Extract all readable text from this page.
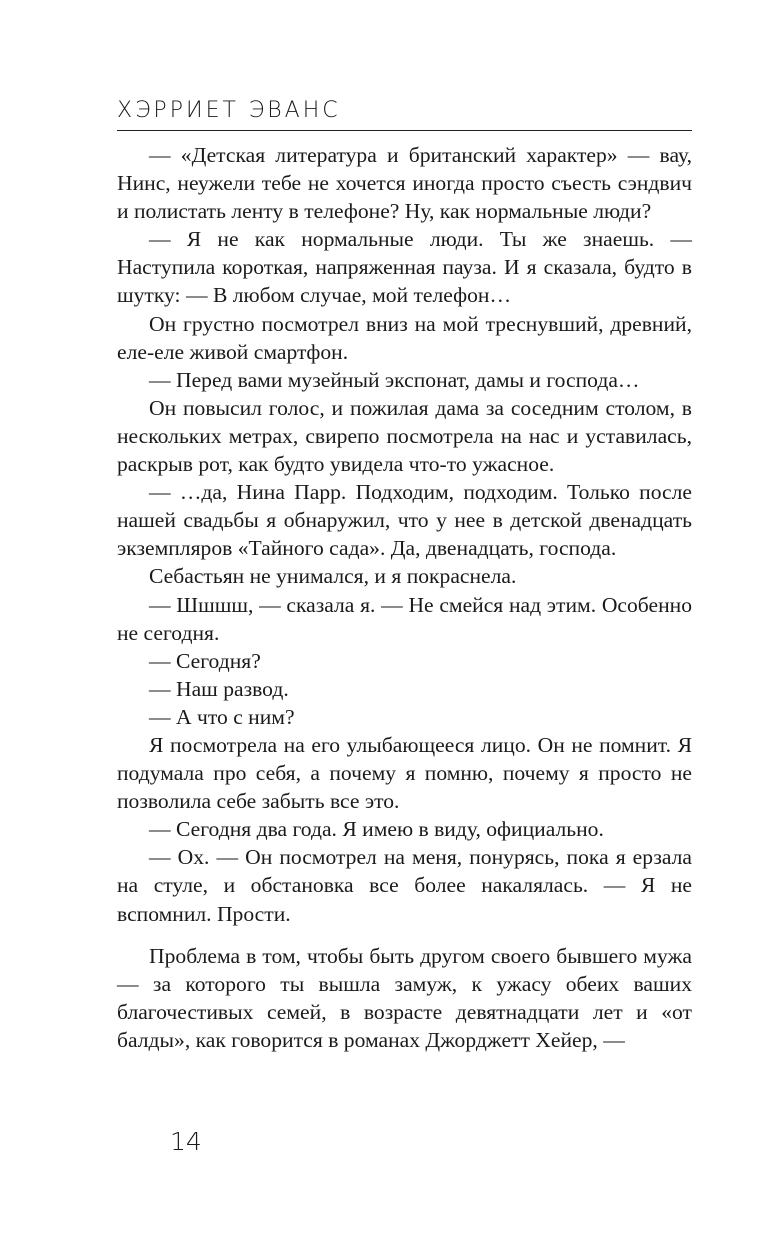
ХЭРРИЕТ ЭВАНС

— «Детская литература и британский характер» — вау, Нинс, неужели тебе не хочется иногда просто съесть сэндвич и полистать ленту в телефоне? Ну, как нормальные люди?

— Я не как нормальные люди. Ты же знаешь. — Наступила короткая, напряженная пауза. И я сказала, будто в шутку: — В любом случае, мой телефон…

Он грустно посмотрел вниз на мой треснувший, древний, еле-еле живой смартфон.

— Перед вами музейный экспонат, дамы и господа…

Он повысил голос, и пожилая дама за соседним столом, в нескольких метрах, свирепо посмотрела на нас и уставилась, раскрыв рот, как будто увидела что-то ужасное.

— …да, Нина Парр. Подходим, подходим. Только после нашей свадьбы я обнаружил, что у нее в детской двенадцать экземпляров «Тайного сада». Да, двенадцать, господа.

Себастьян не унимался, и я покраснела.

— Шшшш, — сказала я. — Не смейся над этим. Особенно не сегодня.

— Сегодня?

— Наш развод.

— А что с ним?

Я посмотрела на его улыбающееся лицо. Он не помнит. Я подумала про себя, а почему я помню, почему я просто не позволила себе забыть все это.

— Сегодня два года. Я имею в виду, официально.

— Ох. — Он посмотрел на меня, понурясь, пока я ерзала на стуле, и обстановка все более накалялась. — Я не вспомнил. Прости.

Проблема в том, чтобы быть другом своего бывшего мужа — за которого ты вышла замуж, к ужасу обеих ваших благочестивых семей, в возрасте девятнадцати лет и «от балды», как говорится в романах Джорджетт Хейер, —

14
